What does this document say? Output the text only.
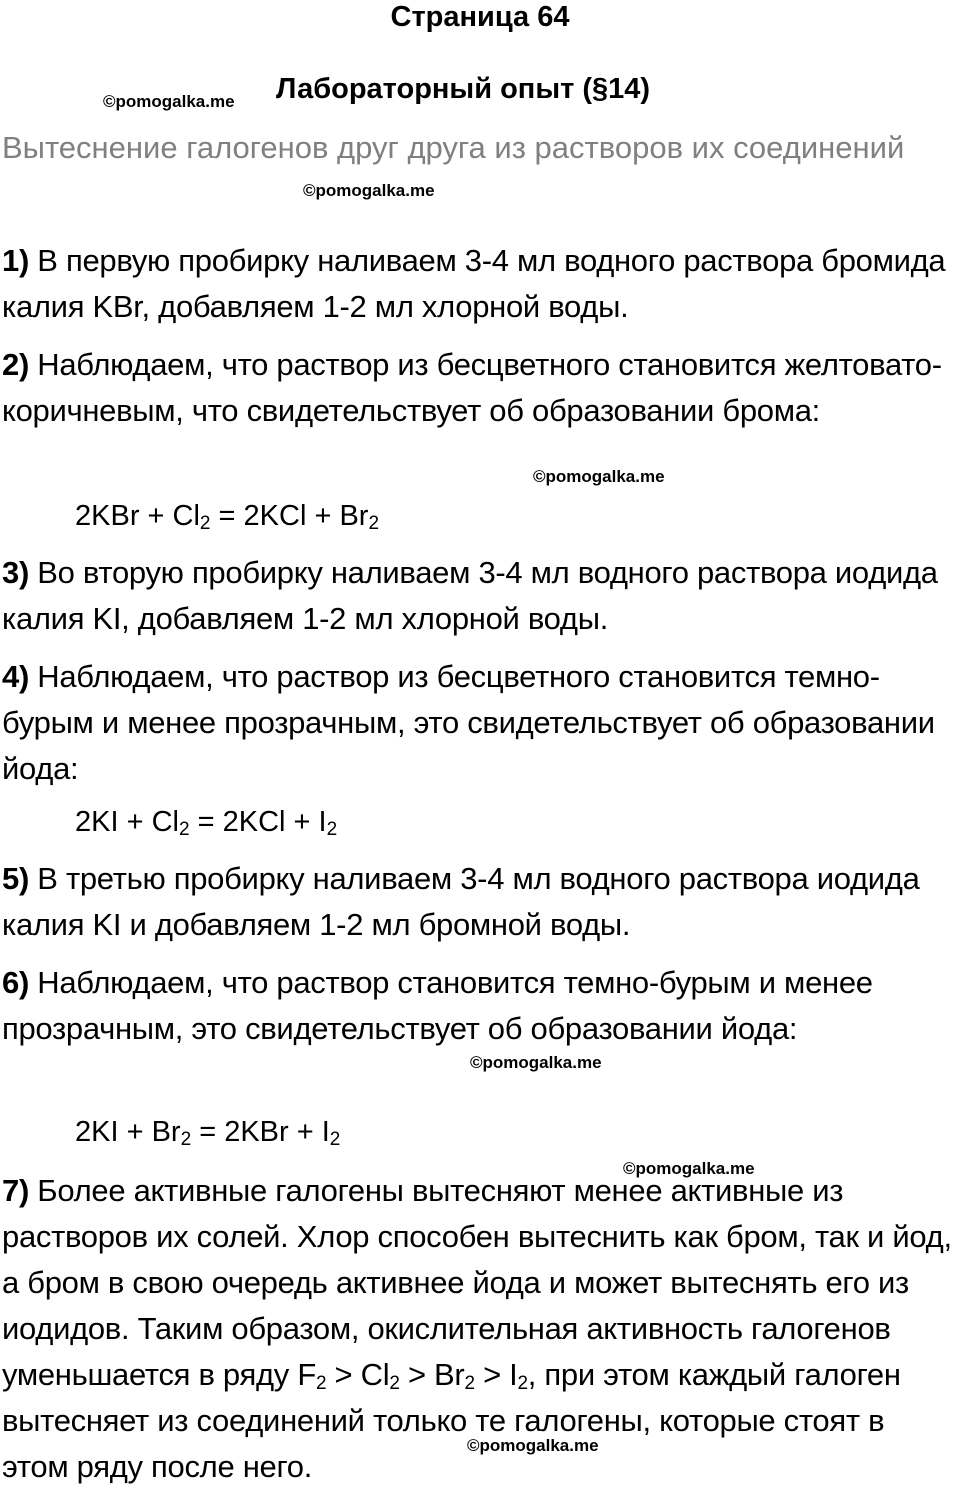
Страница 64
©pomogalka.me Лабораторный опыт (§14)
Вытеснение галогенов друг друга из растворов их соединений
©pomogalka.me
1) В первую пробирку наливаем 3-4 мл водного раствора бромида калия KBr, добавляем 1-2 мл хлорной воды.
2) Наблюдаем, что раствор из бесцветного становится желтовато-коричневым, что свидетельствует об образовании брома:
©pomogalka.me
$2KBr + Cl_2 = 2KCl + Br_2$
3) Во вторую пробирку наливаем 3-4 мл водного раствора иодида калия KI, добавляем 1-2 мл хлорной воды.
4) Наблюдаем, что раствор из бесцветного становится темно-бурым и менее прозрачным, это свидетельствует об образовании йода:
$2KI + Cl_2 = 2KCl + I_2$
5) В третью пробирку наливаем 3-4 мл водного раствора иодида калия KI и добавляем 1-2 мл бромной воды.
6) Наблюдаем, что раствор становится темно-бурым и менее прозрачным, это свидетельствует об образовании йода:
©pomogalka.me
$2KI + Br_2 = 2KBr + I_2$
©pomogalka.me
7) Более активные галогены вытесняют менее активные из растворов их солей. Хлор способен вытеснить как бром, так и йод, а бром в свою очередь активнее йода и может вытеснять его из иодидов. Таким образом, окислительная активность галогенов уменьшается в ряду $F_2 > Cl_2 > Br_2 > I_2$, при этом каждый галоген вытесняет из соединений только те галогены, которые стоят в этом ряду после него.
©pomogalka.me
